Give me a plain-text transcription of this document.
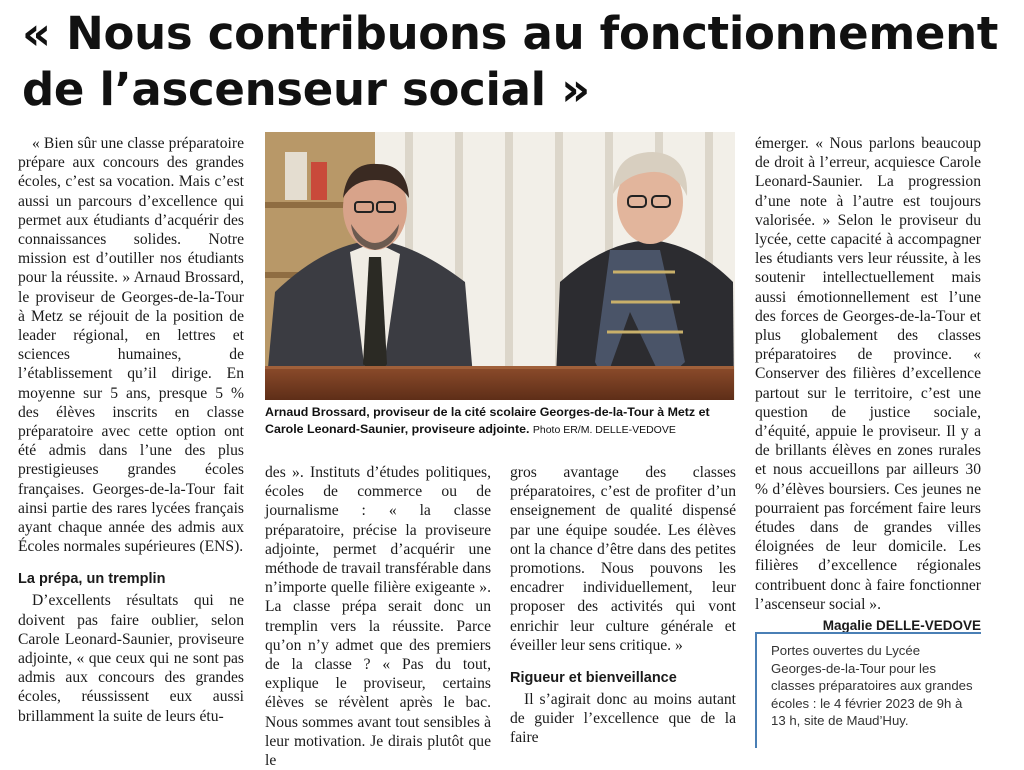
« Nous contribuons au fonctionnement
de l’ascenseur social »

« Bien sûr une classe préparatoire prépare aux concours des grandes écoles, c’est sa vocation. Mais c’est aussi un parcours d’excellence qui permet aux étudiants d’acquérir des connaissances solides. Notre mission est d’outiller nos étudiants pour la réussite. » Arnaud Brossard, le proviseur de Georges-de-la-Tour à Metz se réjouit de la position de leader régional, en lettres et sciences humaines, de l’établissement qu’il dirige. En moyenne sur 5 ans, presque 5 % des élèves inscrits en classe préparatoire avec cette option ont été admis dans l’une des plus prestigieuses grandes écoles françaises. Georges-de-la-Tour fait ainsi partie des rares lycées français ayant chaque année des admis aux Écoles normales supérieures (ENS).

La prépa, un tremplin

D’excellents résultats qui ne doivent pas faire oublier, selon Carole Leonard-Saunier, proviseure adjointe, « que ceux qui ne sont pas admis aux concours des grandes écoles, réussissent eux aussi brillamment la suite de leurs étu-

Arnaud Brossard, proviseur de la cité scolaire Georges-de-la-Tour à Metz et Carole Leonard-Saunier, proviseure adjointe. Photo ER/M. DELLE-VEDOVE

des ». Instituts d’études politiques, écoles de commerce ou de journalisme : « la classe préparatoire, précise la proviseure adjointe, permet d’acquérir une méthode de travail transférable dans n’importe quelle filière exigeante ». La classe prépa serait donc un tremplin vers la réussite. Parce qu’on n’y admet que des premiers de la classe ? « Pas du tout, explique le proviseur, certains élèves se révèlent après le bac. Nous sommes avant tout sensibles à leur motivation. Je dirais plutôt que le

gros avantage des classes préparatoires, c’est de profiter d’un enseignement de qualité dispensé par une équipe soudée. Les élèves ont la chance d’être dans des petites promotions. Nous pouvons les encadrer individuellement, leur proposer des activités qui vont enrichir leur culture générale et éveiller leur sens critique. »

Rigueur et bienveillance

Il s’agirait donc au moins autant de guider l’excellence que de la faire

émerger. « Nous parlons beaucoup de droit à l’erreur, acquiesce Carole Leonard-Saunier. La progression d’une note à l’autre est toujours valorisée. » Selon le proviseur du lycée, cette capacité à accompagner les étudiants vers leur réussite, à les soutenir intellectuellement mais aussi émotionnellement est l’une des forces de Georges-de-la-Tour et plus globalement des classes préparatoires de province. « Conserver des filières d’excellence partout sur le territoire, c’est une question de justice sociale, d’équité, appuie le proviseur. Il y a de brillants élèves en zones rurales et nous accueillons par ailleurs 30 % d’élèves boursiers. Ces jeunes ne pourraient pas forcément faire leurs études dans de grandes villes éloignées de leur domicile. Les filières d’excellence régionales contribuent donc à faire fonctionner l’ascenseur social ».

Magalie DELLE-VEDOVE

Portes ouvertes du Lycée Georges-de-la-Tour pour les classes préparatoires aux grandes écoles : le 4 février 2023 de 9h à 13 h, site de Maud’Huy.
